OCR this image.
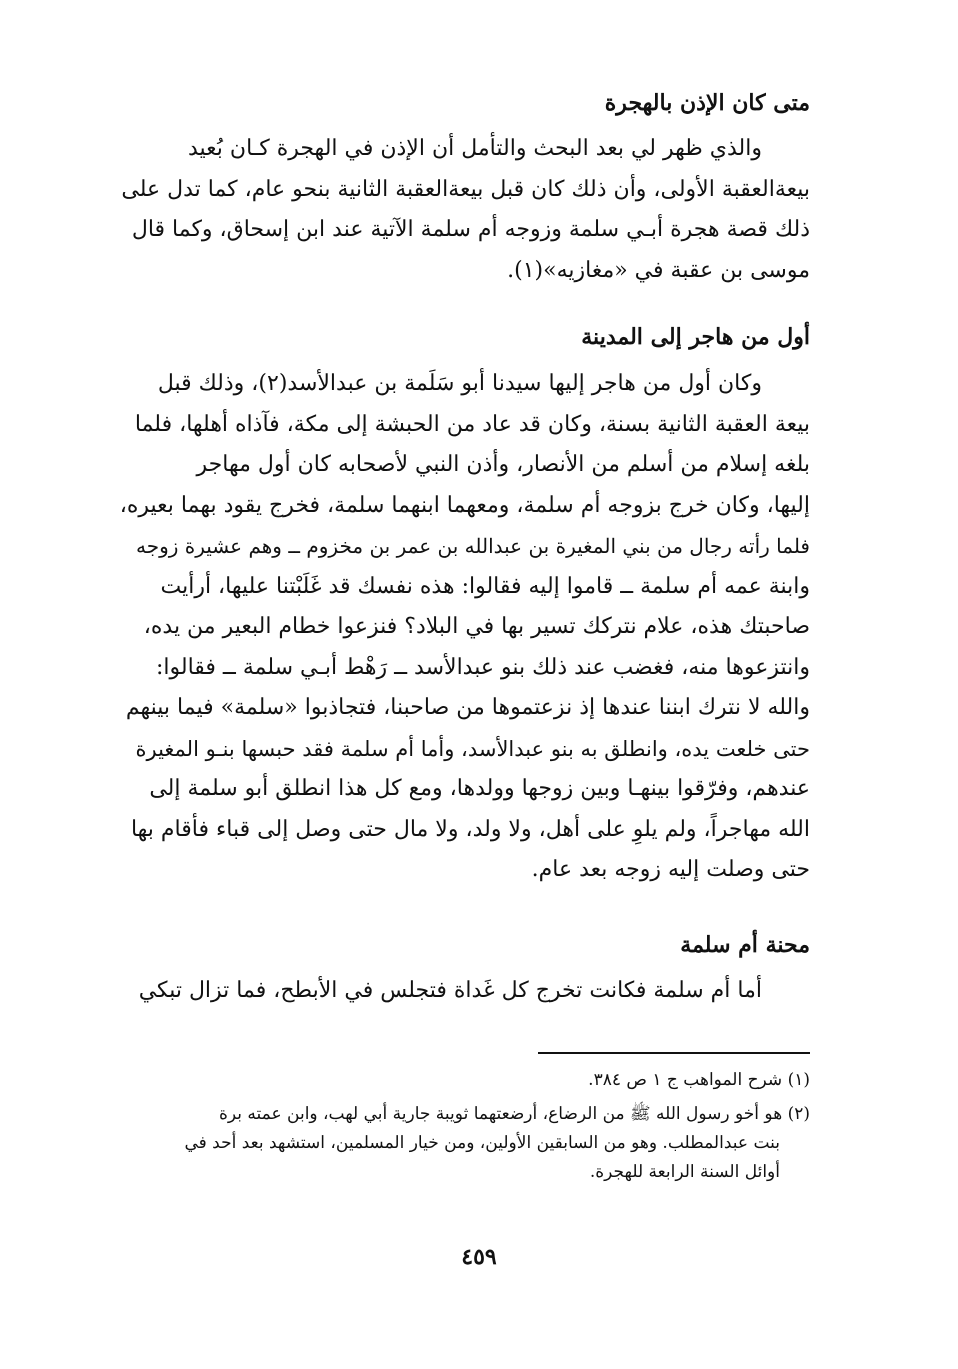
متى كان الإذن بالهجرة

والذي ظهر لي بعد البحث والتأمل أن الإذن في الهجرة كـان بُعيد
بيعةالعقبة الأولى، وأن ذلك كان قبل بيعةالعقبة الثانية بنحو عام، كما تدل على
ذلك قصة هجرة أبـي سلمة وزوجه أم سلمة الآتية عند ابن إسحاق، وكما قال
موسى بن عقبة في «مغازيه»(١).

أول من هاجر إلى المدينة

وكان أول من هاجر إليها سيدنا أبو سَلَمة بن عبدالأسد(٢)، وذلك قبل
بيعة العقبة الثانية بسنة، وكان قد عاد من الحبشة إلى مكة، فآذاه أهلها، فلما
بلغه إسلام من أسلم من الأنصار، وأذن النبي لأصحابه كان أول مهاجر
إليها، وكان خرج بزوجه أم سلمة، ومعهما ابنهما سلمة، فخرج يقود بهما بعيره،
فلما رأته رجال من بني المغيرة بن عبدالله بن عمر بن مخزوم ــ وهم عشيرة زوجه
وابنة عمه أم سلمة ــ قاموا إليه فقالوا: هذه نفسك قد غَلَبْتنا عليها، أرأيت
صاحبتك هذه، علام نتركك تسير بها في البلاد؟ فنزعوا خطام البعير من يده،
وانتزعوها منه، فغضب عند ذلك بنو عبدالأسد ــ رَهْط أبـي سلمة ــ فقالوا:
والله لا نترك ابننا عندها إذ نزعتموها من صاحبنا، فتجاذبوا «سلمة» فيما بينهم
حتى خلعت يده، وانطلق به بنو عبدالأسد، وأما أم سلمة فقد حبسها بنـو المغيرة
عندهم، وفرّقوا بينهـا وبين زوجها وولدها، ومع كل هذا انطلق أبو سلمة إلى
الله مهاجراً، ولم يلوِ على أهل، ولا ولد، ولا مال حتى وصل إلى قباء فأقام بها
حتى وصلت إليه زوجه بعد عام.

محنة أم سلمة

أما أم سلمة فكانت تخرج كل غَداة فتجلس في الأبطح، فما تزال تبكي

(١) شرح المواهب ج ١ ص ٣٨٤.
(٢) هو أخو رسول الله ﷺ من الرضاع، أرضعتهما ثويبة جارية أبي لهب، وابن عمته برة
بنت عبدالمطلب. وهو من السابقين الأولين، ومن خيار المسلمين، استشهد بعد أحد في
أوائل السنة الرابعة للهجرة.
٤٥٩
